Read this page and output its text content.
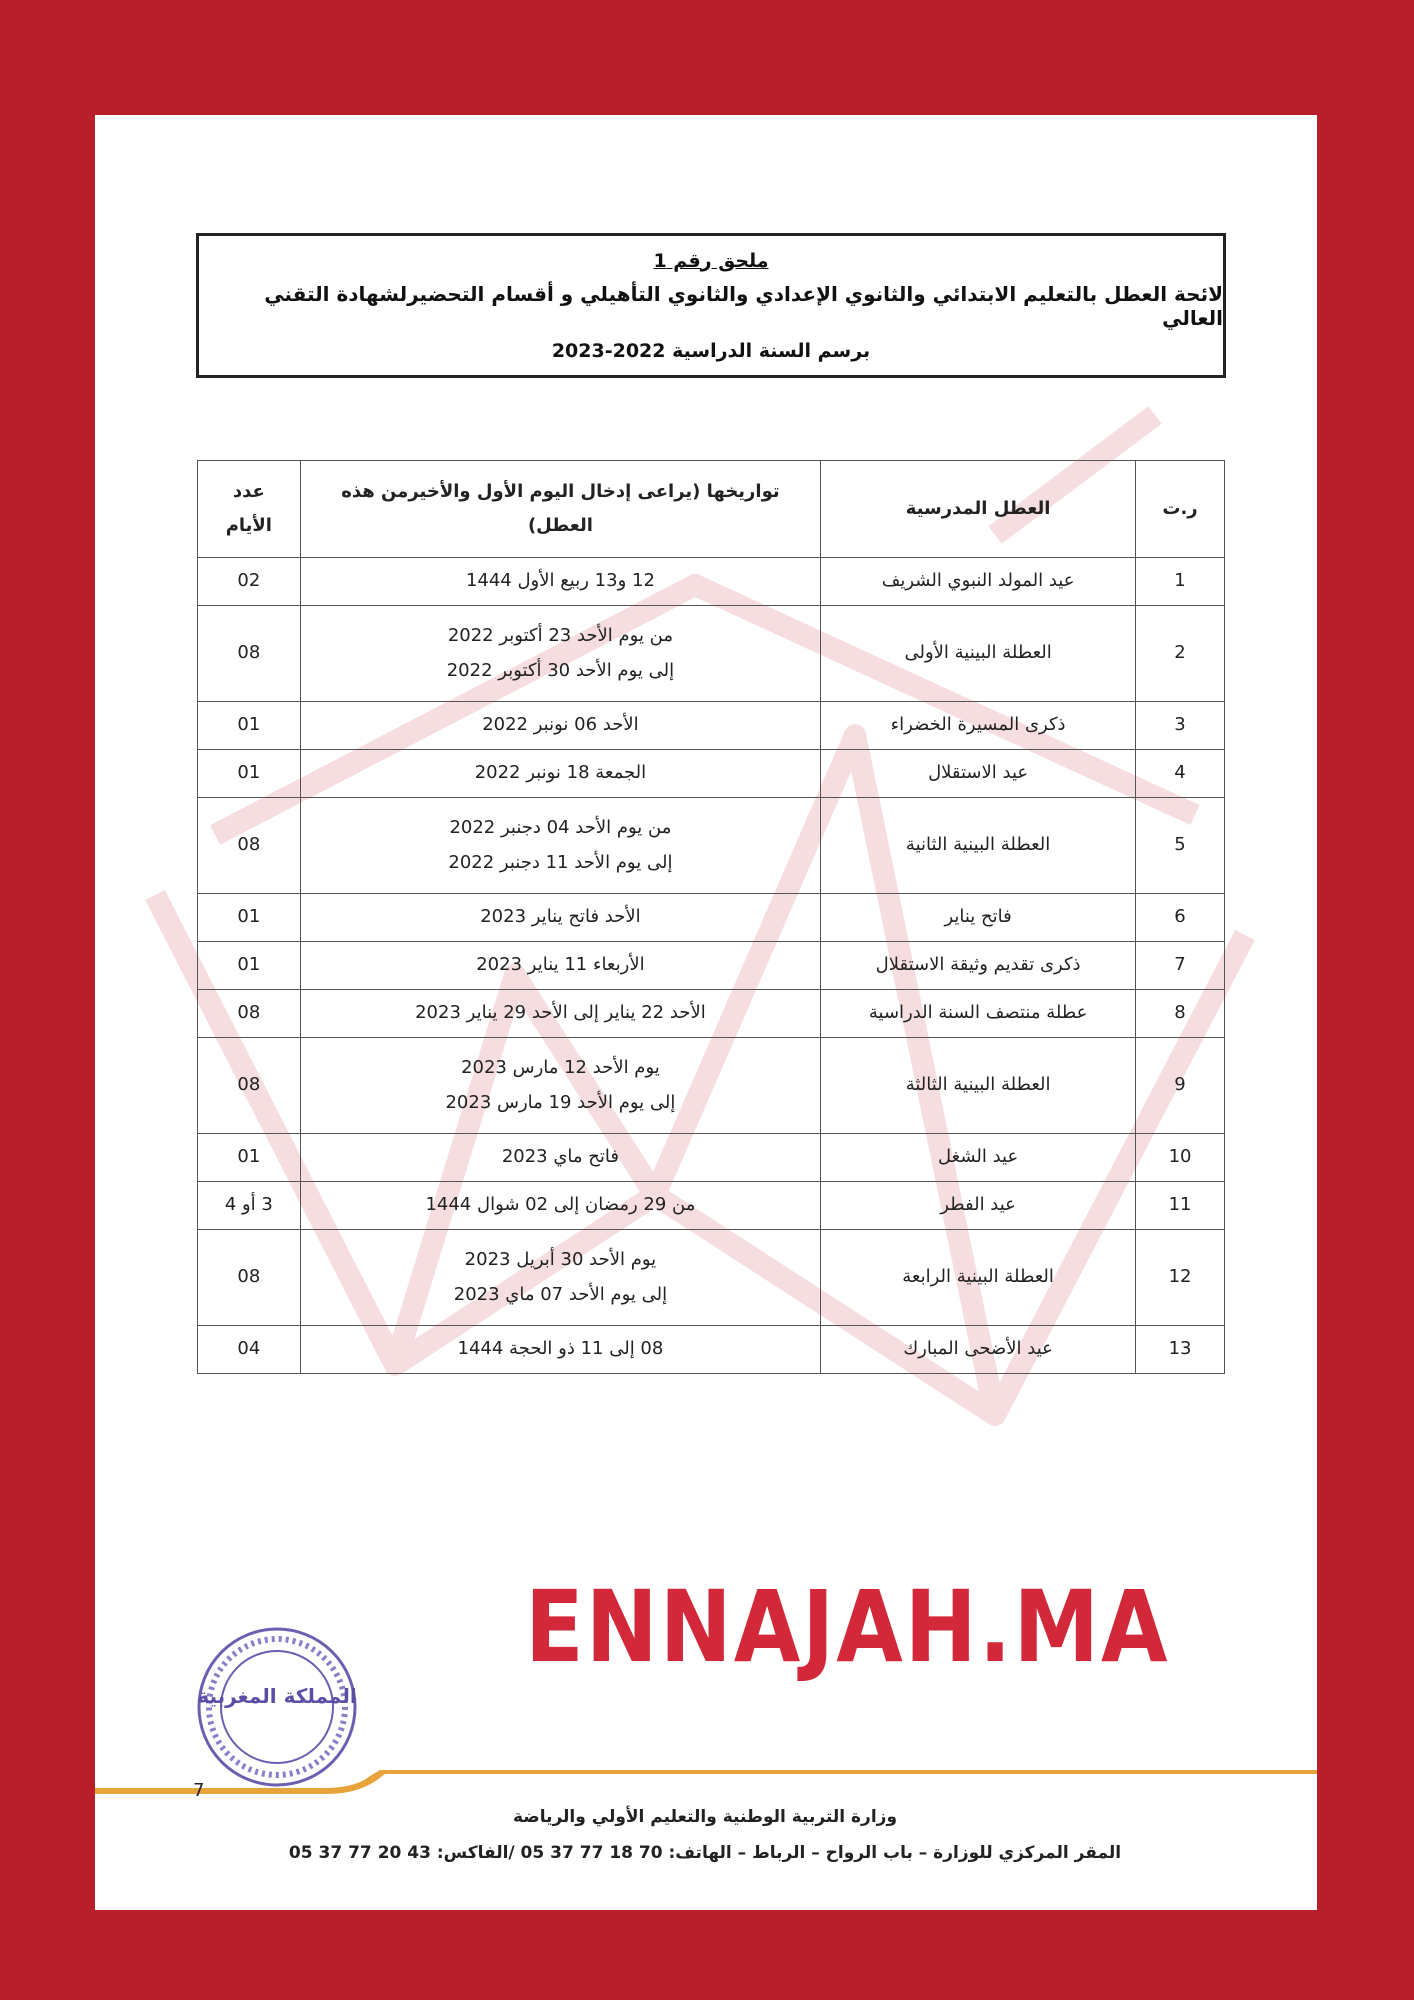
ملحق رقم 1
لائحة العطل بالتعليم الابتدائي والثانوي الإعدادي والثانوي التأهيلي و أقسام التحضيرلشهادة التقني العالي
برسم السنة الدراسية 2022-2023
ر.ت	العطل المدرسية	تواريخها (يراعى إدخال اليوم الأول والأخيرمن هذه العطل)	عدد الأيام
1	عيد المولد النبوي الشريف	12 و13 ربيع الأول 1444	02
2	العطلة البينية الأولى	من يوم الأحد 23 أكتوبر 2022
إلى يوم الأحد 30 أكتوبر 2022	08
3	ذكرى المسيرة الخضراء	الأحد 06 نونبر 2022	01
4	عيد الاستقلال	الجمعة 18 نونبر 2022	01
5	العطلة البينية الثانية	من يوم الأحد 04 دجنبر 2022
إلى يوم الأحد 11 دجنبر 2022	08
6	فاتح يناير	الأحد فاتح يناير 2023	01
7	ذكرى تقديم وثيقة الاستقلال	الأربعاء 11 يناير 2023	01
8	عطلة منتصف السنة الدراسية	الأحد 22 يناير إلى الأحد 29 يناير 2023	08
9	العطلة البينية الثالثة	يوم الأحد 12 مارس 2023
إلى يوم الأحد 19 مارس 2023	08
10	عيد الشغل	فاتح ماي 2023	01
11	عيد الفطر	من 29 رمضان إلى 02 شوال 1444	3 أو 4
12	العطلة البينية الرابعة	يوم الأحد 30 أبريل 2023
إلى يوم الأحد 07 ماي 2023	08
13	عيد الأضحى المبارك	08 إلى 11 ذو الحجة 1444	04
المملكة المغربية
ENNAJAH.MA
7
وزارة التربية الوطنية والتعليم الأولي والرياضة
المقر المركزي للوزارة – باب الرواح – الرباط – الهاتف: 70 18 77 37 05 /الفاكس: 43 20 77 37 05
